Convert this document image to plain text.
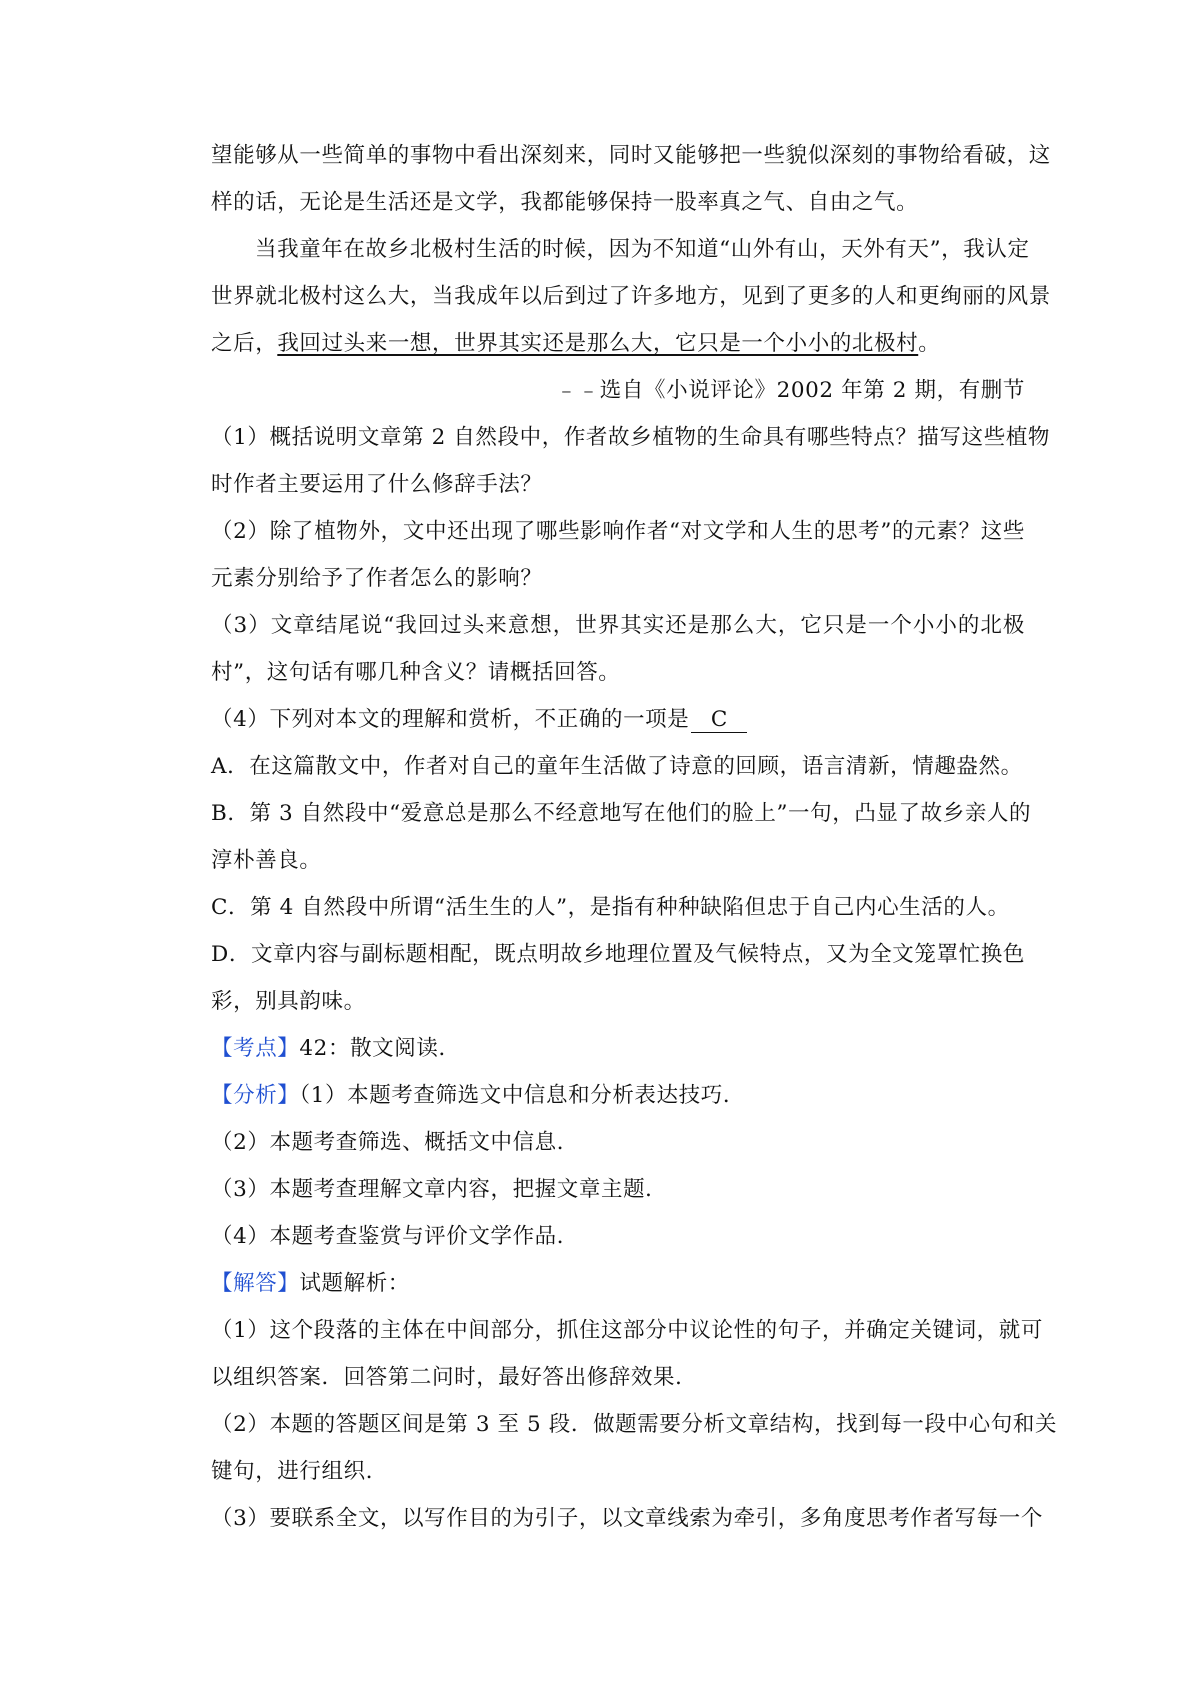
望能够从一些简单的事物中看出深刻来，同时又能够把一些貌似深刻的事物给看破，这
样的话，无论是生活还是文学，我都能够保持一股率真之气、自由之气。
当我童年在故乡北极村生活的时候，因为不知道“山外有山，天外有天”，我认定
世界就北极村这么大，当我成年以后到过了许多地方，见到了更多的人和更绚丽的风景
之后，我回过头来一想，世界其实还是那么大，它只是一个小小的北极村。
﹣﹣选自《小说评论》2002 年第 2 期，有删节
（1）概括说明文章第 2 自然段中，作者故乡植物的生命具有哪些特点？描写这些植物
时作者主要运用了什么修辞手法？
（2）除了植物外，文中还出现了哪些影响作者“对文学和人生的思考”的元素？这些
元素分别给予了作者怎么的影响？
（3）文章结尾说“我回过头来意想，世界其实还是那么大，它只是一个小小的北极
村”，这句话有哪几种含义？请概括回答。
（4）下列对本文的理解和赏析，不正确的一项是 C
A．在这篇散文中，作者对自己的童年生活做了诗意的回顾，语言清新，情趣盎然。
B．第 3 自然段中“爱意总是那么不经意地写在他们的脸上”一句，凸显了故乡亲人的
淳朴善良。
C．第 4 自然段中所谓“活生生的人”，是指有种种缺陷但忠于自己内心生活的人。
D．文章内容与副标题相配，既点明故乡地理位置及气候特点，又为全文笼罩忙换色
彩，别具韵味。
【考点】42：散文阅读．
【分析】（1）本题考查筛选文中信息和分析表达技巧．
（2）本题考查筛选、概括文中信息．
（3）本题考查理解文章内容，把握文章主题．
（4）本题考查鉴赏与评价文学作品．
【解答】试题解析：
（1）这个段落的主体在中间部分，抓住这部分中议论性的句子，并确定关键词，就可
以组织答案．回答第二问时，最好答出修辞效果．
（2）本题的答题区间是第 3 至 5 段．做题需要分析文章结构，找到每一段中心句和关
键句，进行组织．
（3）要联系全文，以写作目的为引子，以文章线索为牵引，多角度思考作者写每一个
